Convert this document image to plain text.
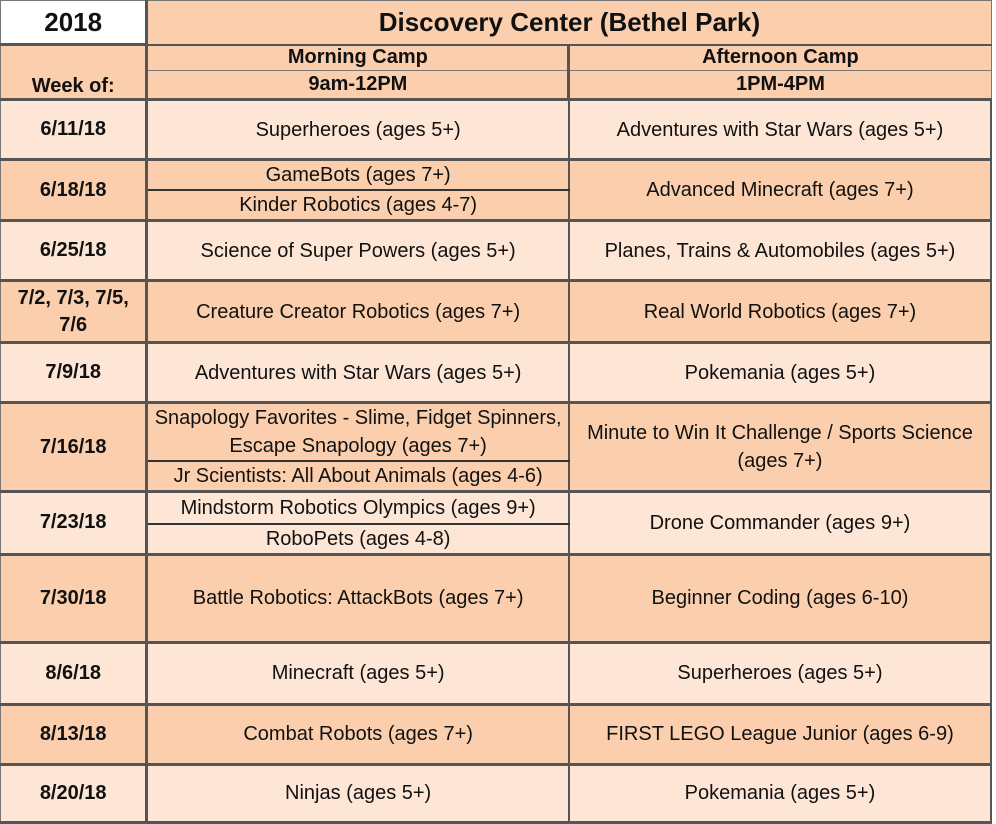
2018	Discovery Center (Bethel Park)	
Week of:	Morning Camp	Afternoon Camp
	9am-12PM	1PM-4PM
6/11/18	Superheroes (ages 5+)	Adventures with Star Wars (ages 5+)
6/18/18	GameBots (ages 7+)	Advanced Minecraft (ages 7+)
	Kinder Robotics (ages 4-7)	
6/25/18	Science of Super Powers (ages 5+)	Planes, Trains & Automobiles (ages 5+)
7/2, 7/3, 7/5, 7/6	Creature Creator Robotics (ages 7+)	Real World Robotics (ages 7+)
7/9/18	Adventures with Star Wars (ages 5+)	Pokemania (ages 5+)
7/16/18	Snapology Favorites - Slime, Fidget Spinners, Escape Snapology (ages 7+)	Minute to Win It Challenge / Sports Science (ages 7+)
	Jr Scientists: All About Animals (ages 4-6)	
7/23/18	Mindstorm Robotics Olympics (ages 9+)	Drone Commander (ages 9+)
	RoboPets (ages 4-8)	
7/30/18	Battle Robotics: AttackBots (ages 7+)	Beginner Coding (ages 6-10)
8/6/18	Minecraft (ages 5+)	Superheroes (ages 5+)
8/13/18	Combat Robots (ages 7+)	FIRST LEGO League Junior (ages 6-9)
8/20/18	Ninjas (ages 5+)	Pokemania (ages 5+)
